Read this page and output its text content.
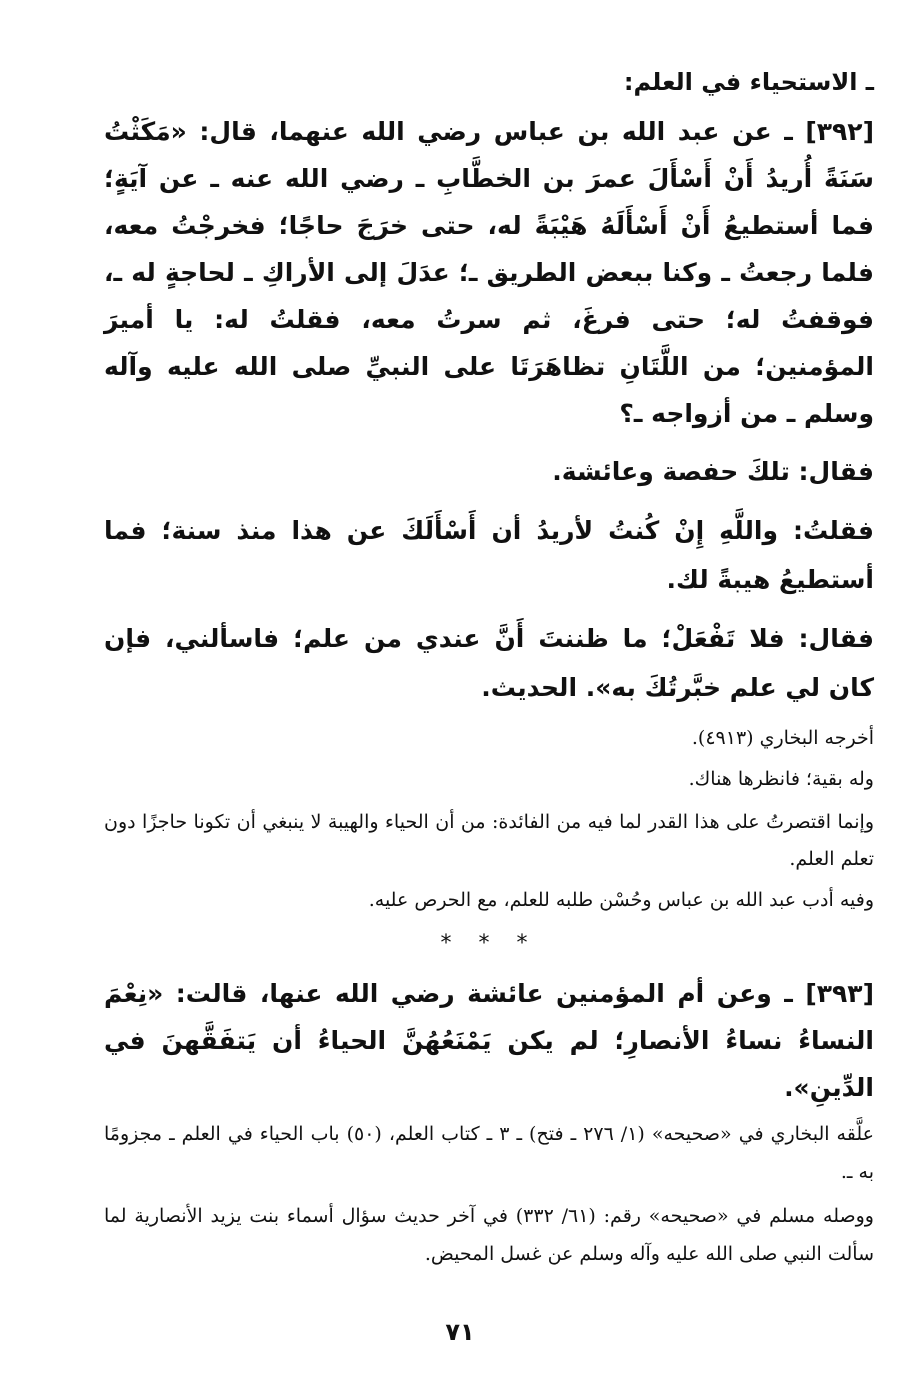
ـ الاستحياء في العلم:
[٣٩٢] ـ عن عبد الله بن عباس رضي الله عنهما، قال: «مَكَثْتُ سَنَةً أُريدُ أَنْ أَسْأَلَ عمرَ بن الخطَّابِ ـ رضي الله عنه ـ عن آيَةٍ؛ فما أستطيعُ أَنْ أَسْأَلَهُ هَيْبَةً له، حتى خرَجَ حاجًا؛ فخرجْتُ معه، فلما رجعتُ ـ وكنا ببعض الطريق ـ؛ عدَلَ إلى الأراكِ ـ لحاجةٍ له ـ، فوقفتُ له؛ حتى فرغَ، ثم سرتُ معه، فقلتُ له: يا أميرَ المؤمنين؛ من اللَّتَانِ تظاهَرَتَا على النبيِّ صلى الله عليه وآله وسلم ـ من أزواجه ـ؟
فقال: تلكَ حفصة وعائشة.
فقلتُ: واللَّهِ إِنْ كُنتُ لأريدُ أن أَسْأَلَكَ عن هذا منذ سنة؛ فما أستطيعُ هيبةً لك.
فقال: فلا تَفْعَلْ؛ ما ظننتَ أَنَّ عندي من علم؛ فاسألني، فإن كان لي علم خبَّرتُكَ به». الحديث.
أخرجه البخاري (٤٩١٣).
وله بقية؛ فانظرها هناك.
وإنما اقتصرتُ على هذا القدر لما فيه من الفائدة: من أن الحياء والهيبة لا ينبغي أن تكونا حاجزًا دون تعلم العلم.
وفيه أدب عبد الله بن عباس وحُسْن طلبه للعلم، مع الحرص عليه.
* * *
[٣٩٣] ـ وعن أم المؤمنين عائشة رضي الله عنها، قالت: «نِعْمَ النساءُ نساءُ الأنصارِ؛ لم يكن يَمْنَعُهُنَّ الحياءُ أن يَتفَقَّهنَ في الدِّينِ».
علَّقه البخاري في «صحيحه» (١/ ٢٧٦ ـ فتح) ـ ٣ ـ كتاب العلم، (٥٠) باب الحياء في العلم ـ مجزومًا به ـ.
ووصله مسلم في «صحيحه» رقم: (٦١/ ٣٣٢) في آخر حديث سؤال أسماء بنت يزيد الأنصارية لما سألت النبي صلى الله عليه وآله وسلم عن غسل المحيض.
٧١
